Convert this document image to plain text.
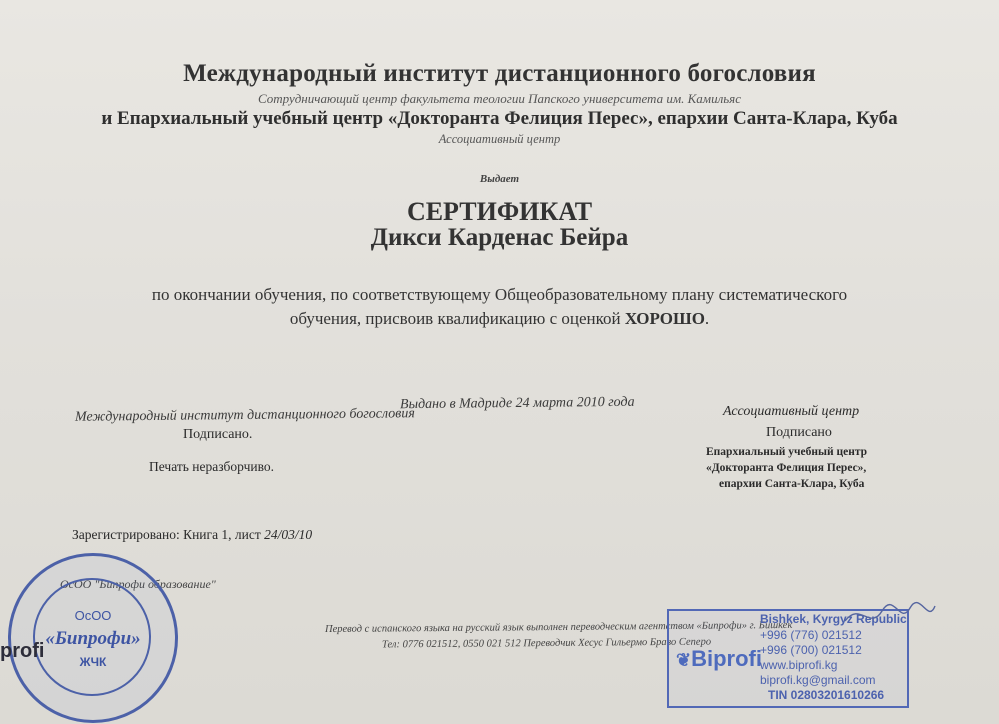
Международный институт дистанционного богословия
Сотрудничающий центр факультета теологии Папского университета им. Камильяс
и Епархиальный учебный центр «Докторанта Фелиция Перес», епархии Санта-Клара, Куба
Ассоциативный центр
Выдает
СЕРТИФИКАТ
Дикси Карденас Бейра
по окончании обучения, по соответствующему Общеобразовательному плану систематического
обучения, присвоив квалификацию с оценкой ХОРОШО.
Выдано в Мадриде 24 марта 2010 года
Международный институт дистанционного богословия
Подписано.
Печать неразборчиво.
Ассоциативный центр
Подписано
Епархиальный учебный центр
«Докторанта Фелиция Перес»,
епархии Санта-Клара, Куба
Зарегистрировано: Книга 1, лист 24/03/10
ОсОО "Бипрофи образование"
Перевод с испанского языка на русский язык выполнен переводческим агентством «Бипрофи» г. Бишкек
Тел: 0776 021512, 0550 021 512 Переводчик Хесус Гильермо Браво Сеперо
ОсОО
«Бипрофи»
ЖЧК
profi	❦Biprofi
Bishkek, Kyrgyz Republic
+996 (776) 021512
+996 (700) 021512
www.biprofi.kg
biprofi.kg@gmail.com
TIN 02803201610266
